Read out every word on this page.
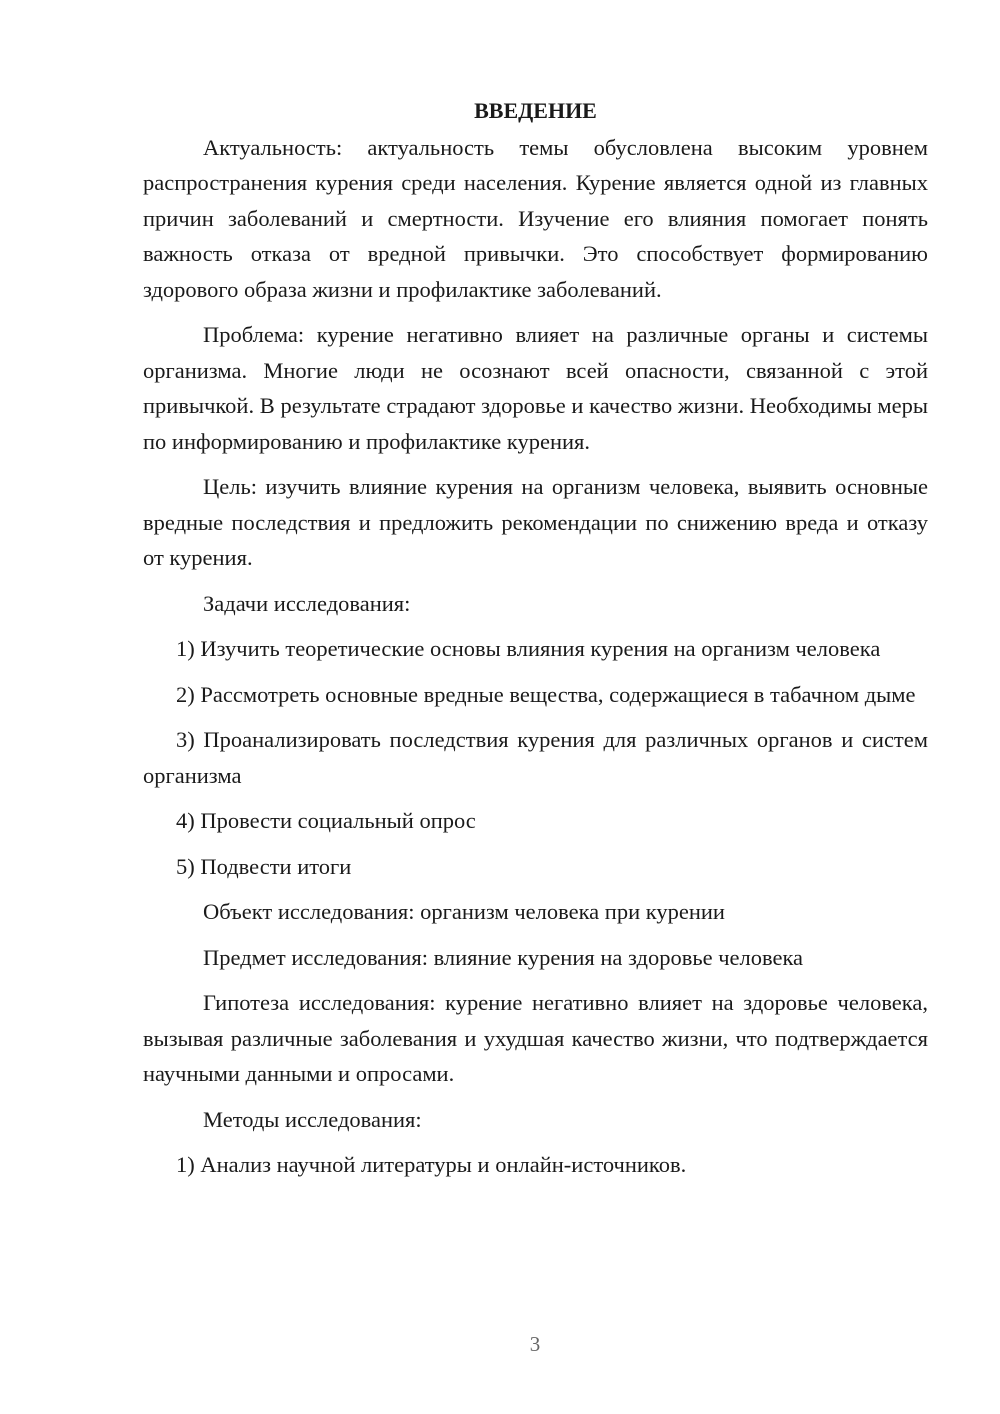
ВВЕДЕНИЕ

Актуальность: актуальность темы обусловлена высоким уровнем распространения курения среди населения. Курение является одной из главных причин заболеваний и смертности. Изучение его влияния помогает понять важность отказа от вредной привычки. Это способствует формированию здорового образа жизни и профилактике заболеваний.

Проблема: курение негативно влияет на различные органы и системы организма. Многие люди не осознают всей опасности, связанной с этой привычкой. В результате страдают здоровье и качество жизни. Необходимы меры по информированию и профилактике курения.

Цель: изучить влияние курения на организм человека, выявить основные вредные последствия и предложить рекомендации по снижению вреда и отказу от курения.

Задачи исследования:

1) Изучить теоретические основы влияния курения на организм человека

2) Рассмотреть основные вредные вещества, содержащиеся в табачном дыме

3) Проанализировать последствия курения для различных органов и систем организма

4) Провести социальный опрос

5) Подвести итоги

Объект исследования: организм человека при курении

Предмет исследования: влияние курения на здоровье человека

Гипотеза исследования: курение негативно влияет на здоровье человека, вызывая различные заболевания и ухудшая качество жизни, что подтверждается научными данными и опросами.

Методы исследования:

1) Анализ научной литературы и онлайн-источников.

3
